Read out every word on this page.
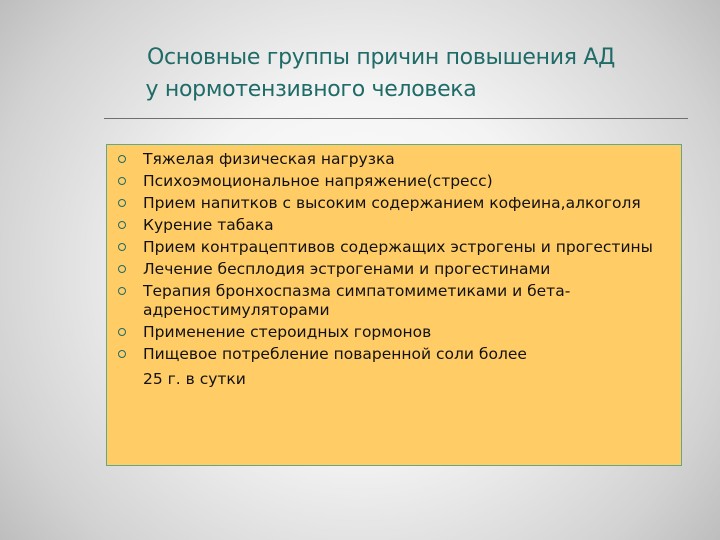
Основные группы причин повышения АД
у нормотензивного человека
Тяжелая физическая нагрузка
Психоэмоциональное напряжение(стресс)
Прием напитков с высоким содержанием кофеина,алкоголя
Курение табака
Прием контрацептивов содержащих эстрогены и прогестины
Лечение бесплодия эстрогенами и прогестинами
Терапия бронхоспазма симпатомиметиками и бета-адреностимуляторами
Применение стероидных гормонов
Пищевое потребление поваренной соли более
25 г. в сутки
